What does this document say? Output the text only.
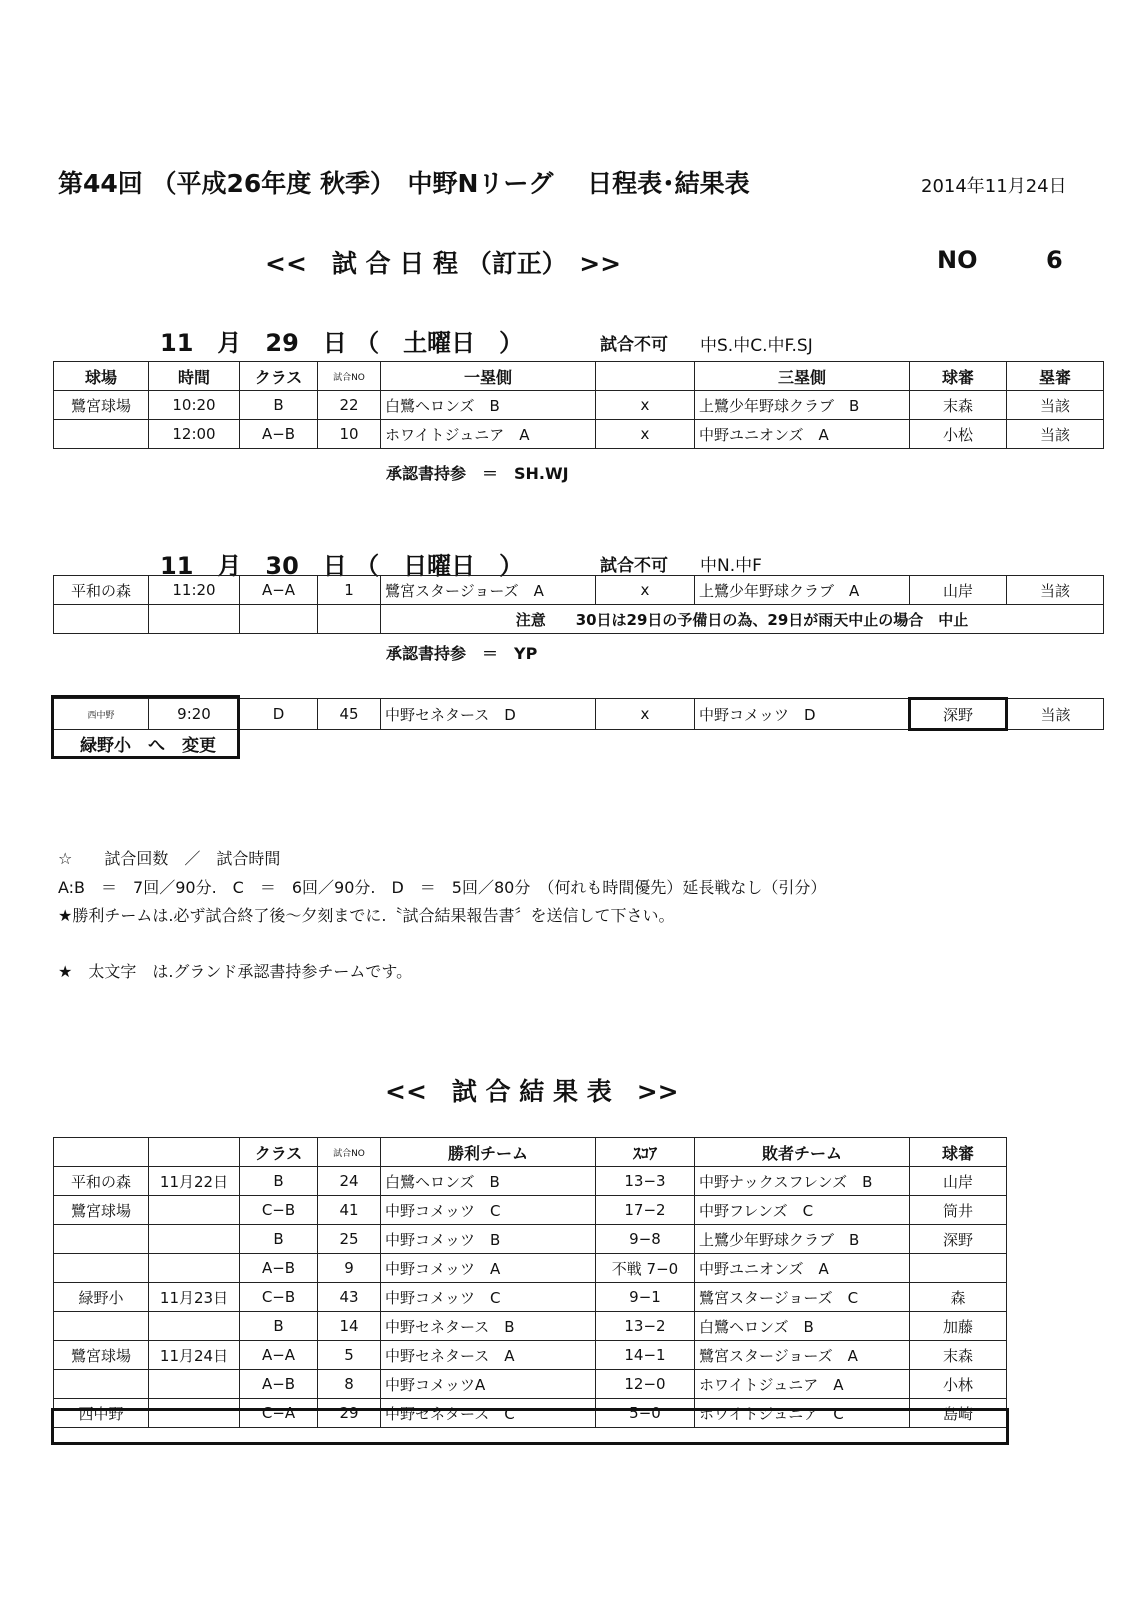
第44回 （平成26年度 秋季）　中野Nリーグ　 日程表･結果表	2014年11月24日
<<　試 合 日 程 （訂正）　>>	NO	6
11　月　29　日 （　土曜日　）	試合不可 中S.中C.中F.SJ
球場	時間	クラス	試合NO	一塁側		三塁側	球審	塁審
鷺宮球場	10:20	B	22	白鷺ヘロンズ　B	x	上鷺少年野球クラブ　B	末森	当該
	12:00	A−B	10	ホワイトジュニア　A	x	中野ユニオンズ　A	小松	当該
承認書持参　＝　SH.WJ
11　月　30　日 （　日曜日　）	試合不可 中N.中F
平和の森	11:20	A−A	1	鷺宮スタージョーズ　A	x	上鷺少年野球クラブ　A	山岸	当該
				注意　　30日は29日の予備日の為、29日が雨天中止の場合　中止				
承認書持参　＝　YP
西中野	9:20	D	45	中野セネタース　D	x	中野コメッツ　D	深野	当該
緑野小　へ　変更
☆　　試合回数　／　試合時間
A:B　＝　7回／90分.　C　＝　6回／90分.　D　＝　5回／80分　（何れも時間優先）延長戦なし（引分）
★勝利チームは.必ず試合終了後〜夕刻までに.〝試合結果報告書〞を送信して下さい。
★　太文字　は.グランド承認書持参チームです。
<<　試 合 結 果 表　>>
		クラス	試合NO	勝利チーム	ｽｺｱ	敗者チーム	球審
平和の森	11月22日	B	24	白鷺ヘロンズ　B	13−3	中野ナックスフレンズ　B	山岸
鷺宮球場		C−B	41	中野コメッツ　C	17−2	中野フレンズ　C	筒井
		B	25	中野コメッツ　B	9−8	上鷺少年野球クラブ　B	深野
		A−B	9	中野コメッツ　A	不戦 7−0	中野ユニオンズ　A	
緑野小	11月23日	C−B	43	中野コメッツ　C	9−1	鷺宮スタージョーズ　C	森
		B	14	中野セネタース　B	13−2	白鷺ヘロンズ　B	加藤
鷺宮球場	11月24日	A−A	5	中野セネタース　A	14−1	鷺宮スタージョーズ　A	末森
		A−B	8	中野コメッツA	12−0	ホワイトジュニア　A	小林
西中野		C−A	29	中野セネタース　C	5−0	ホワイトジュニア　C	島崎
